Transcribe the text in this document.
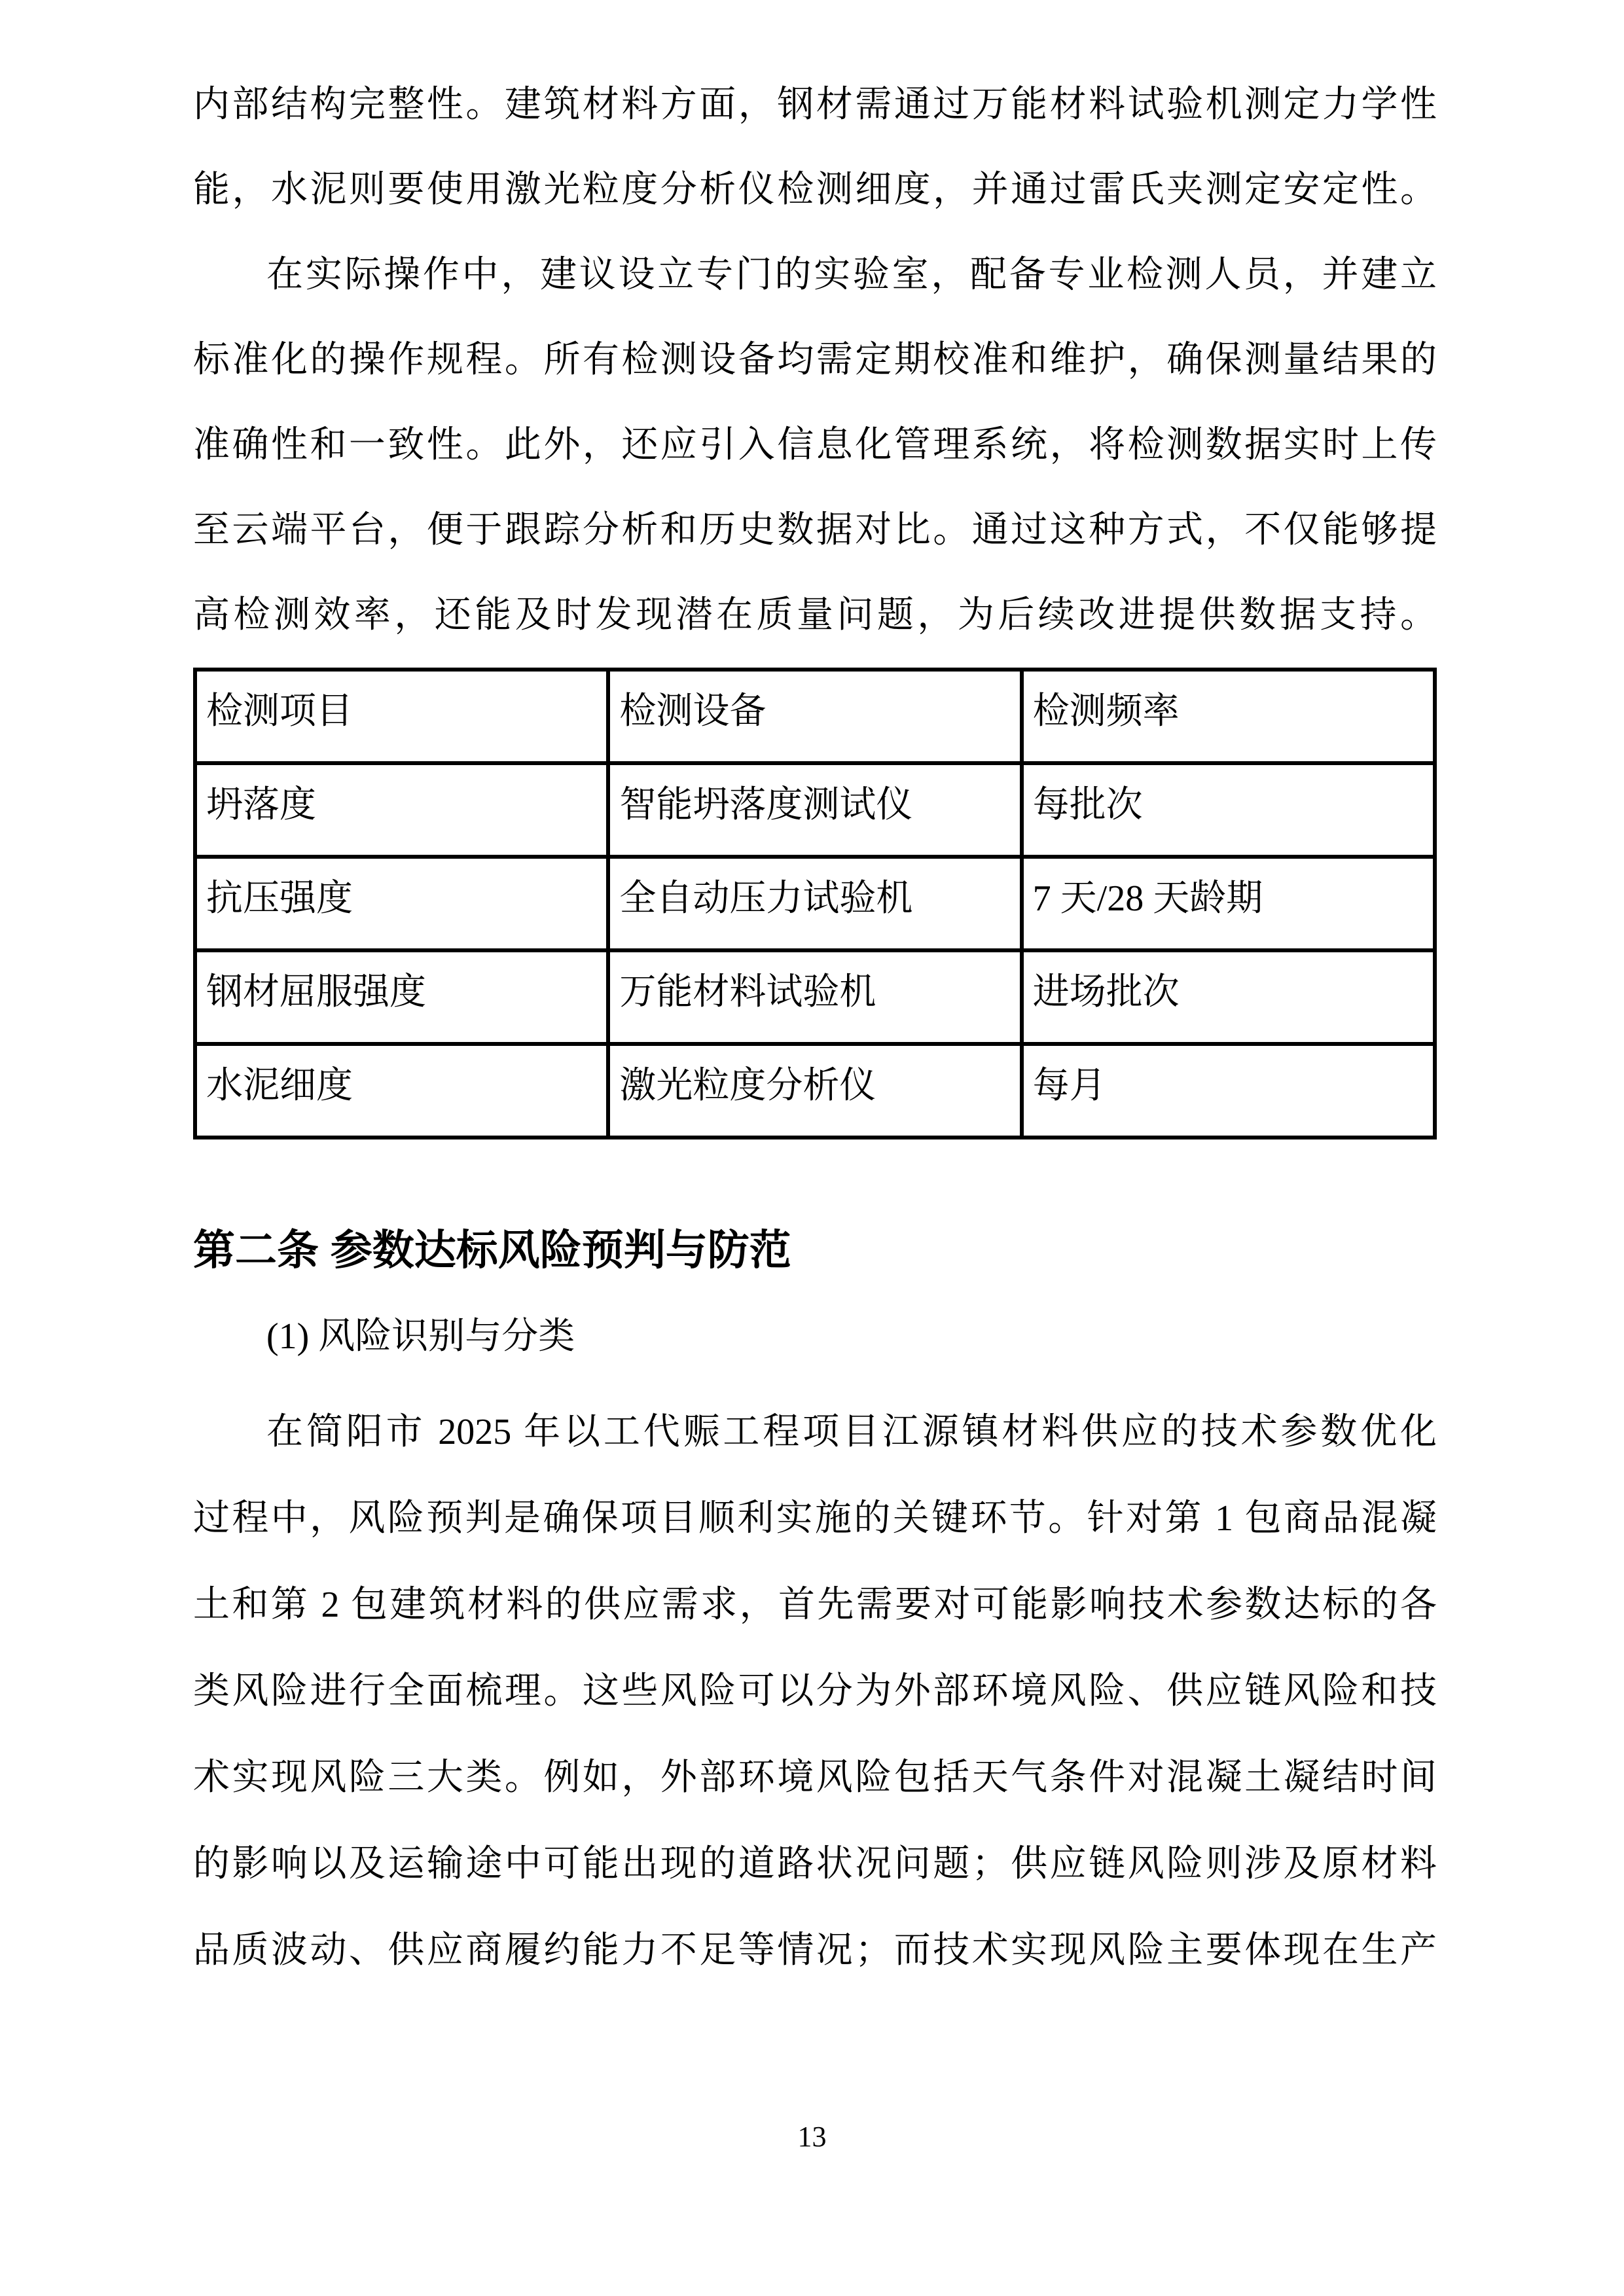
内部结构完整性。建筑材料方面，钢材需通过万能材料试验机测定力学性
能，水泥则要使用激光粒度分析仪检测细度，并通过雷氏夹测定安定性。
在实际操作中，建议设立专门的实验室，配备专业检测人员，并建立
标准化的操作规程。所有检测设备均需定期校准和维护，确保测量结果的
准确性和一致性。此外，还应引入信息化管理系统，将检测数据实时上传
至云端平台，便于跟踪分析和历史数据对比。通过这种方式，不仅能够提
高检测效率，还能及时发现潜在质量问题，为后续改进提供数据支持。
检测项目	检测设备	检测频率
坍落度	智能坍落度测试仪	每批次
抗压强度	全自动压力试验机	7 天/28 天龄期
钢材屈服强度	万能材料试验机	进场批次
水泥细度	激光粒度分析仪	每月
第二条 参数达标风险预判与防范
(1) 风险识别与分类
在简阳市 2025 年以工代赈工程项目江源镇材料供应的技术参数优化
过程中，风险预判是确保项目顺利实施的关键环节。针对第 1 包商品混凝
土和第 2 包建筑材料的供应需求，首先需要对可能影响技术参数达标的各
类风险进行全面梳理。这些风险可以分为外部环境风险、供应链风险和技
术实现风险三大类。例如，外部环境风险包括天气条件对混凝土凝结时间
的影响以及运输途中可能出现的道路状况问题；供应链风险则涉及原材料
品质波动、供应商履约能力不足等情况；而技术实现风险主要体现在生产
13
